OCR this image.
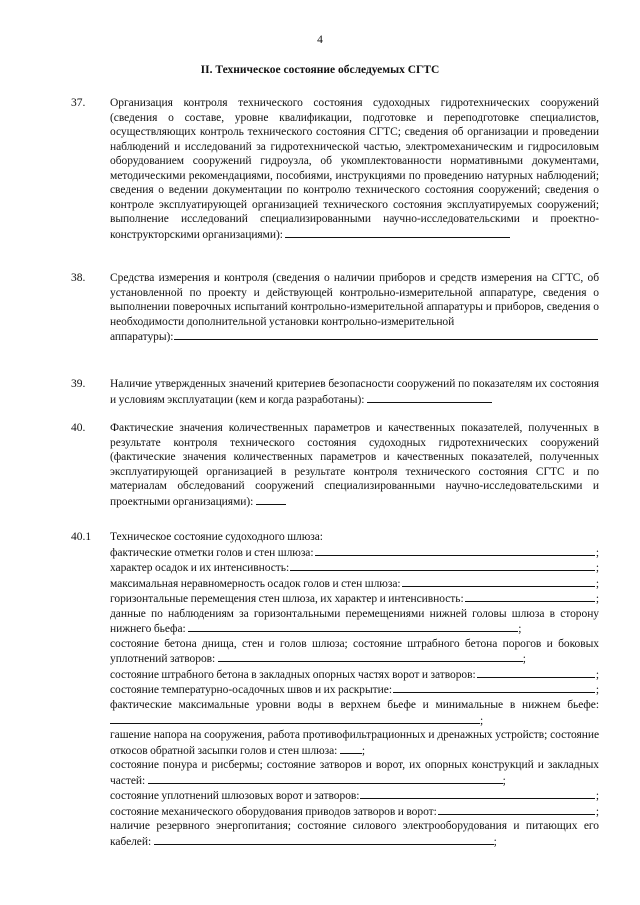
4
II. Техническое состояние обследуемых СГТС
37. Организация контроля технического состояния судоходных гидротехнических сооружений (сведения о составе, уровне квалификации, подготовке и переподготовке специалистов, осуществляющих контроль технического состояния СГТС; сведения об организации и проведении наблюдений и исследований за гидротехнической частью, электромеханическим и гидросиловым оборудованием сооружений гидроузла, об укомплектованности нормативными документами, методическими рекомендациями, пособиями, инструкциями по проведению натурных наблюдений; сведения о ведении документации по контролю технического состояния сооружений; сведения о контроле эксплуатирующей организацией технического состояния эксплуатируемых сооружений; выполнение исследований специализированными научно-исследовательскими и проектно-конструкторскими организациями):
38. Средства измерения и контроля (сведения о наличии приборов и средств измерения на СГТС, об установленной по проекту и действующей контрольно-измерительной аппаратуре, сведения о выполнении поверочных испытаний контрольно-измерительной аппаратуры и приборов, сведения о необходимости дополнительной установки контрольно-измерительной
аппаратуры):
39. Наличие утвержденных значений критериев безопасности сооружений по показателям их состояния и условиям эксплуатации (кем и когда разработаны):
40. Фактические значения количественных параметров и качественных показателей, полученных в результате контроля технического состояния судоходных гидротехнических сооружений (фактические значения количественных параметров и качественных показателей, полученных эксплуатирующей организацией в результате контроля технического состояния СГТС и по материалам обследований сооружений специализированными научно-исследовательскими и проектными организациями):
40.1 Техническое состояние судоходного шлюза:
фактические отметки голов и стен шлюза:	;
характер осадок и их интенсивность:	;
максимальная неравномерность осадок голов и стен шлюза:	;
горизонтальные перемещения стен шлюза, их характер и интенсивность:	;
данные по наблюдениям за горизонтальными перемещениями нижней головы шлюза в сторону нижнего бьефа:	;
состояние бетона днища, стен и голов шлюза; состояние штрабного бетона порогов и боковых уплотнений затворов:	;
состояние штрабного бетона в закладных опорных частях ворот и затворов:	;
состояние температурно-осадочных швов и их раскрытие:	;
фактические максимальные уровни воды в верхнем бьефе и минимальные в нижнем бьефе: ;
гашение напора на сооружения, работа противофильтрационных и дренажных устройств; состояние откосов обратной засыпки голов и стен шлюза: ;
состояние понура и рисбермы; состояние затворов и ворот, их опорных конструкций и закладных частей:	;
состояние уплотнений шлюзовых ворот и затворов:	;
состояние механического оборудования приводов затворов и ворот:	;
наличие резервного энергопитания; состояние силового электрооборудования и питающих его кабелей:	;
